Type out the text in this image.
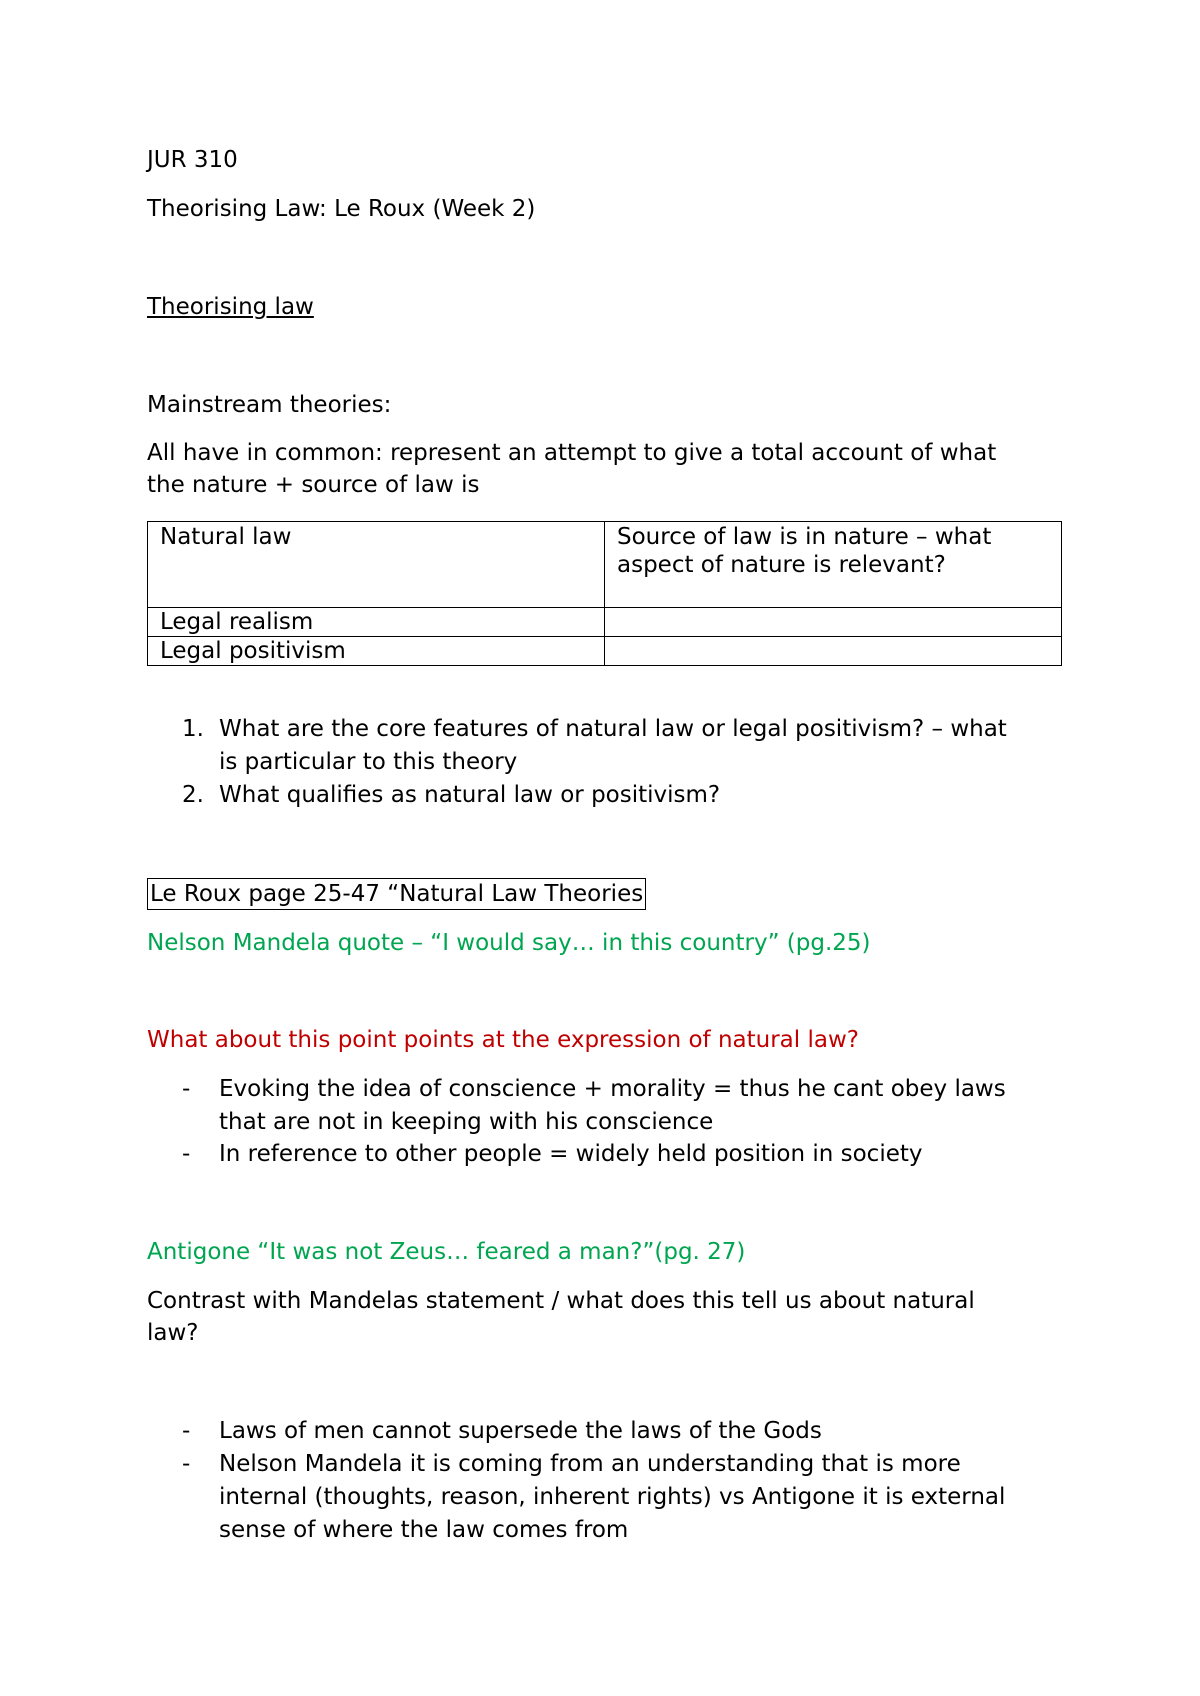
JUR 310

Theorising Law: Le Roux (Week 2)

Theorising law

Mainstream theories:

All have in common: represent an attempt to give a total account of what

the nature + source of law is

Natural law	Source of law is in nature – what
aspect of nature is relevant?

Legal realism	
Legal positivism	
1. What are the core features of natural law or legal positivism? – what
is particular to this theory
2. What qualifies as natural law or positivism?

Le Roux page 25-47 “Natural Law Theories

Nelson Mandela quote – “I would say… in this country” (pg.25)

What about this point points at the expression of natural law?

-	Evoking the idea of conscience + morality = thus he cant obey laws
that are not in keeping with his conscience
-	In reference to other people = widely held position in society

Antigone “It was not Zeus… feared a man?”(pg. 27)

Contrast with Mandelas statement / what does this tell us about natural

law?

-	Laws of men cannot supersede the laws of the Gods
-	Nelson Mandela it is coming from an understanding that is more
internal (thoughts, reason, inherent rights) vs Antigone it is external
sense of where the law comes from
